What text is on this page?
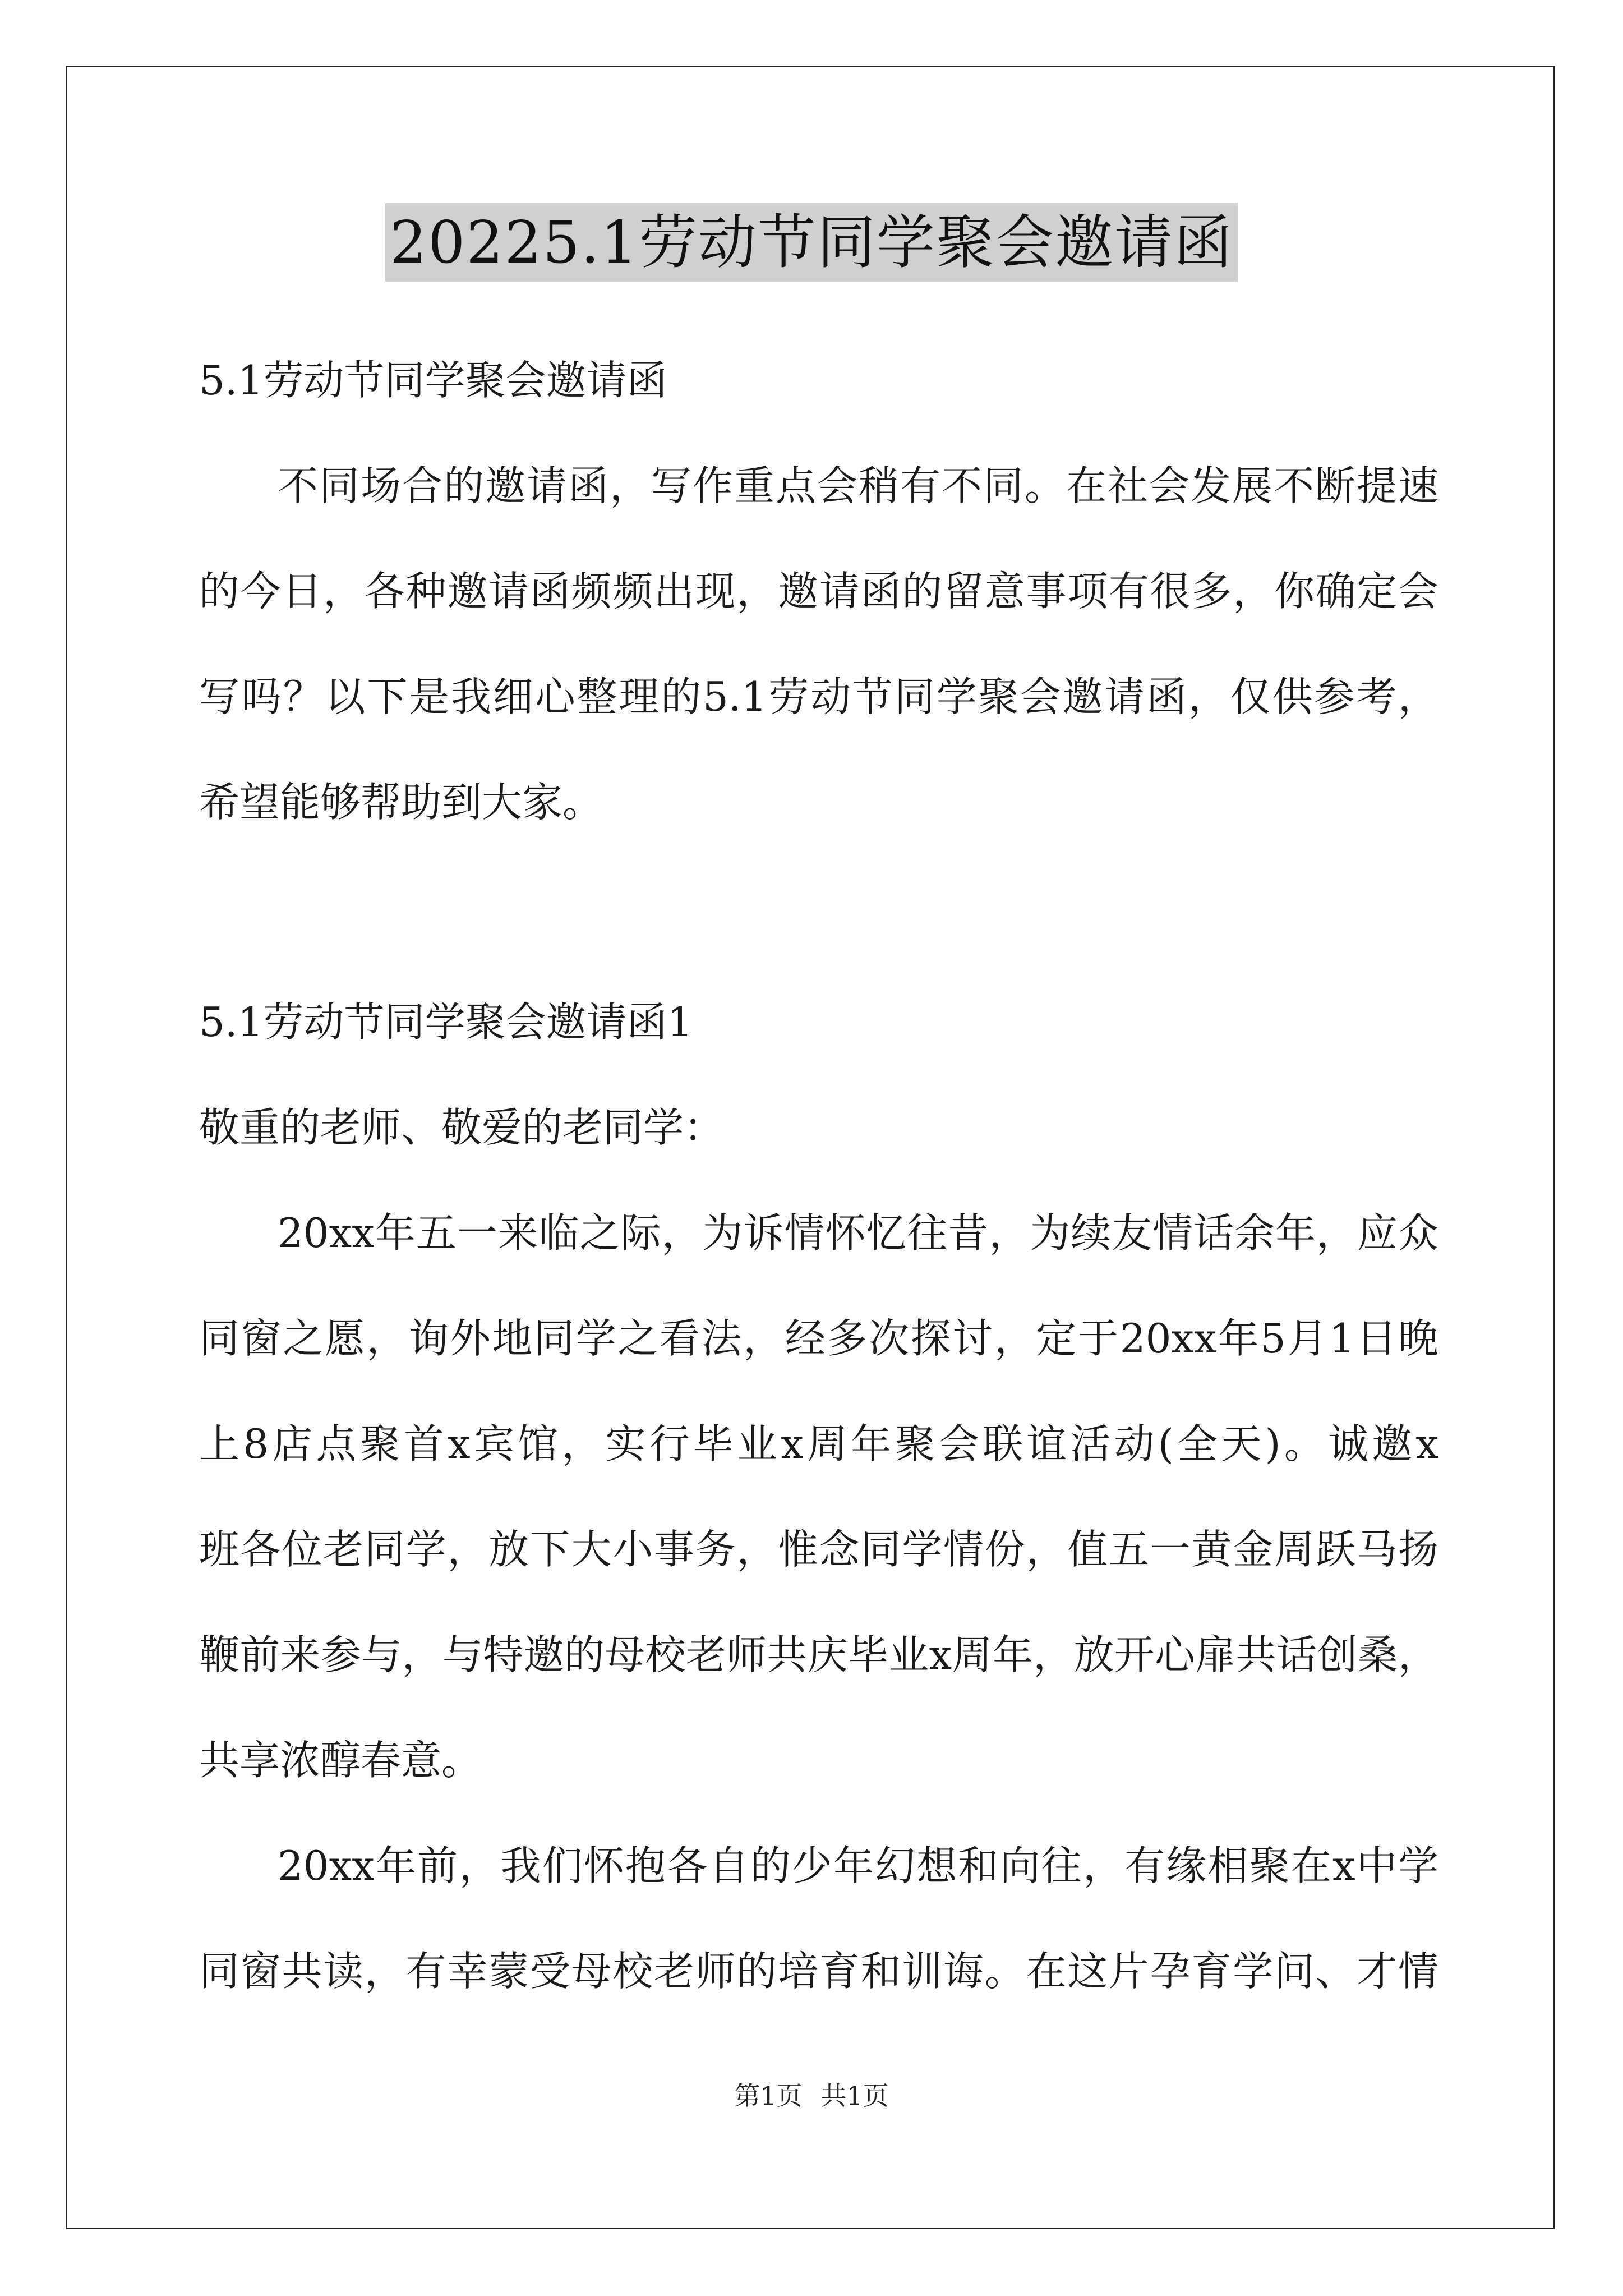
20225.1劳动节同学聚会邀请函
5.1劳动节同学聚会邀请函
不同场合的邀请函，写作重点会稍有不同。在社会发展不断提速
的今日，各种邀请函频频出现，邀请函的留意事项有很多，你确定会
写吗？以下是我细心整理的5.1劳动节同学聚会邀请函，仅供参考，
希望能够帮助到大家。
5.1劳动节同学聚会邀请函1
敬重的老师、敬爱的老同学：
20xx年五一来临之际，为诉情怀忆往昔，为续友情话余年，应众
同窗之愿，询外地同学之看法，经多次探讨，定于20xx年5月1日晚
上8店点聚首x宾馆，实行毕业x周年聚会联谊活动(全天)。诚邀x
班各位老同学，放下大小事务，惟念同学情份，值五一黄金周跃马扬
鞭前来参与，与特邀的母校老师共庆毕业x周年，放开心扉共话创桑，
共享浓醇春意。
20xx年前，我们怀抱各自的少年幻想和向往，有缘相聚在x中学
同窗共读，有幸蒙受母校老师的培育和训诲。在这片孕育学问、才情
第1页 共1页
